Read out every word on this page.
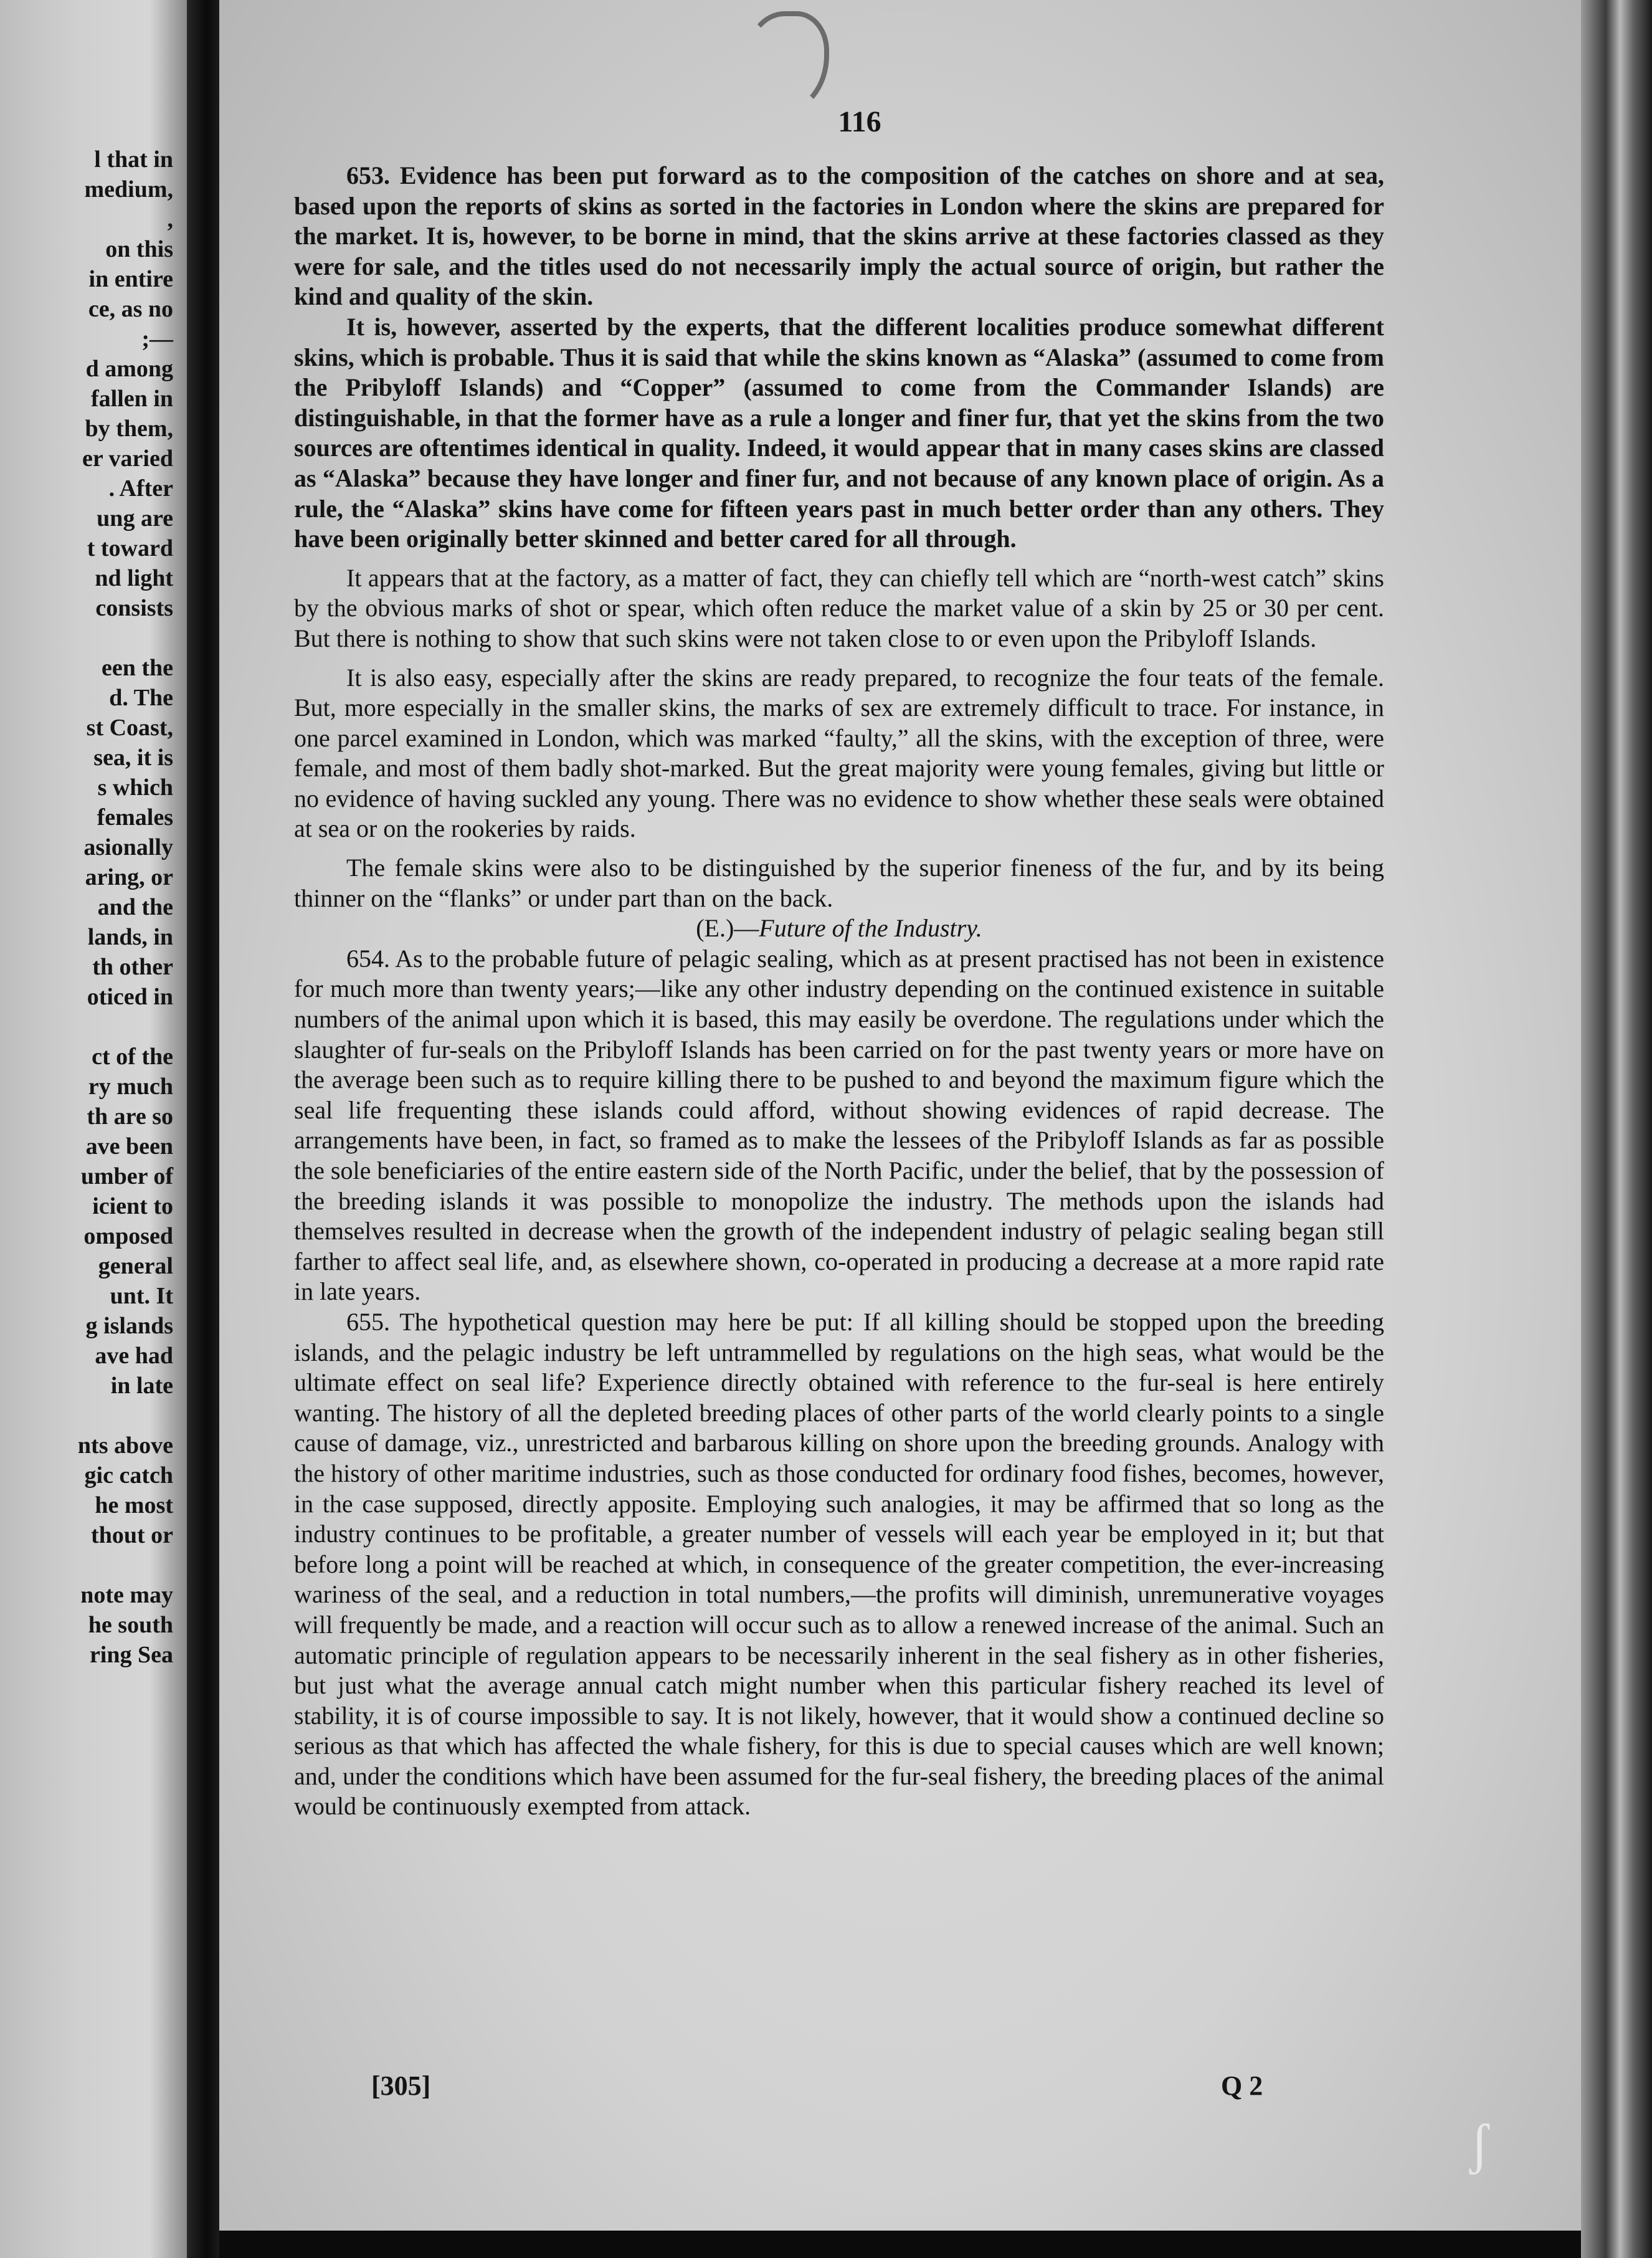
l that in
medium,
,
on this
in entire
ce, as no
;—
d among
fallen in
by them,
er varied
. After
ung are
t toward
nd light
consists
een the
d. The
st Coast,
sea, it is
s which
females
asionally
aring, or
and the
lands, in
th other
oticed in
ct of the
ry much
th are so
ave been
umber of
icient to
omposed
general
unt. It
g islands
ave had
in late
nts above
gic catch
he most
thout or
note may
he south
ring Sea
116

653. Evidence has been put forward as to the composition of the catches on shore and at sea, based upon the reports of skins as sorted in the factories in London where the skins are prepared for the market. It is, however, to be borne in mind, that the skins arrive at these factories classed as they were for sale, and the titles used do not necessarily imply the actual source of origin, but rather the kind and quality of the skin.

It is, however, asserted by the experts, that the different localities produce somewhat different skins, which is probable. Thus it is said that while the skins known as “Alaska” (assumed to come from the Pribyloff Islands) and “Copper” (assumed to come from the Commander Islands) are distinguishable, in that the former have as a rule a longer and finer fur, that yet the skins from the two sources are oftentimes identical in quality. Indeed, it would appear that in many cases skins are classed as “Alaska” because they have longer and finer fur, and not because of any known place of origin. As a rule, the “Alaska” skins have come for fifteen years past in much better order than any others. They have been originally better skinned and better cared for all through.

It appears that at the factory, as a matter of fact, they can chiefly tell which are “north-west catch” skins by the obvious marks of shot or spear, which often reduce the market value of a skin by 25 or 30 per cent. But there is nothing to show that such skins were not taken close to or even upon the Pribyloff Islands.

It is also easy, especially after the skins are ready prepared, to recognize the four teats of the female. But, more especially in the smaller skins, the marks of sex are extremely difficult to trace. For instance, in one parcel examined in London, which was marked “faulty,” all the skins, with the exception of three, were female, and most of them badly shot-marked. But the great majority were young females, giving but little or no evidence of having suckled any young. There was no evidence to show whether these seals were obtained at sea or on the rookeries by raids.

The female skins were also to be distinguished by the superior fineness of the fur, and by its being thinner on the “flanks” or under part than on the back.

(E.)—Future of the Industry.

654. As to the probable future of pelagic sealing, which as at present practised has not been in existence for much more than twenty years;—like any other industry depending on the continued existence in suitable numbers of the animal upon which it is based, this may easily be overdone. The regulations under which the slaughter of fur-seals on the Pribyloff Islands has been carried on for the past twenty years or more have on the average been such as to require killing there to be pushed to and beyond the maximum figure which the seal life frequenting these islands could afford, without showing evidences of rapid decrease. The arrangements have been, in fact, so framed as to make the lessees of the Pribyloff Islands as far as possible the sole beneficiaries of the entire eastern side of the North Pacific, under the belief, that by the possession of the breeding islands it was possible to monopolize the industry. The methods upon the islands had themselves resulted in decrease when the growth of the independent industry of pelagic sealing began still farther to affect seal life, and, as elsewhere shown, co-operated in producing a decrease at a more rapid rate in late years.

655. The hypothetical question may here be put: If all killing should be stopped upon the breeding islands, and the pelagic industry be left untrammelled by regulations on the high seas, what would be the ultimate effect on seal life? Experience directly obtained with reference to the fur-seal is here entirely wanting. The history of all the depleted breeding places of other parts of the world clearly points to a single cause of damage, viz., unrestricted and barbarous killing on shore upon the breeding grounds. Analogy with the history of other maritime industries, such as those conducted for ordinary food fishes, becomes, however, in the case supposed, directly apposite. Employing such analogies, it may be affirmed that so long as the industry continues to be profitable, a greater number of vessels will each year be employed in it; but that before long a point will be reached at which, in consequence of the greater competition, the ever-increasing wariness of the seal, and a reduction in total numbers,—the profits will diminish, unremunerative voyages will frequently be made, and a reaction will occur such as to allow a renewed increase of the animal. Such an automatic principle of regulation appears to be necessarily inherent in the seal fishery as in other fisheries, but just what the average annual catch might number when this particular fishery reached its level of stability, it is of course impossible to say. It is not likely, however, that it would show a continued decline so serious as that which has affected the whale fishery, for this is due to special causes which are well known; and, under the conditions which have been assumed for the fur-seal fishery, the breeding places of the animal would be continuously exempted from attack.

[305]	Q 2
ʃ
